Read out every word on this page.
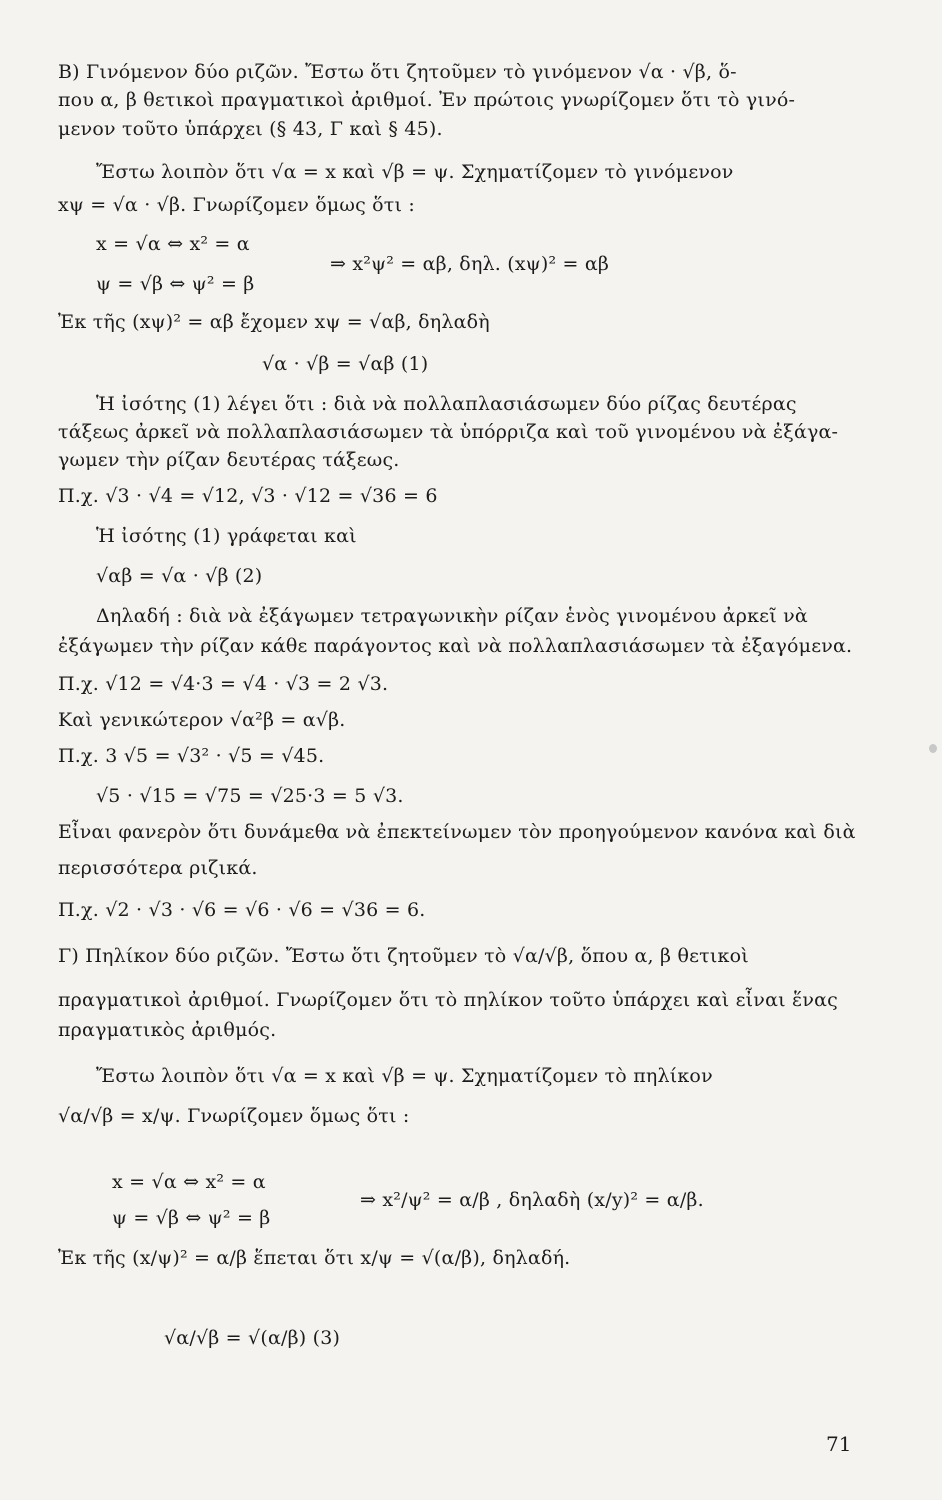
Β) Γινόμενον δύο ριζῶν. Ἔστω ὅτι ζητοῦμεν τὸ γινόμενον √α · √β, ὅ-
που α, β θετικοὶ πραγματικοὶ ἀριθμοί. Ἐν πρώτοις γνωρίζομεν ὅτι τὸ γινό-
μενον τοῦτο ὑπάρχει (§ 43, Γ καὶ § 45).
Ἔστω λοιπὸν ὅτι √α = x καὶ √β = ψ. Σχηματίζομεν τὸ γινόμενον
xψ = √α · √β. Γνωρίζομεν ὅμως ὅτι :
x = √α ⇔ x² = α
ψ = √β ⇔ ψ² = β
⇒ x²ψ² = αβ, δηλ. (xψ)² = αβ
Ἐκ τῆς (xψ)² = αβ ἔχομεν xψ = √αβ, δηλαδὴ
√α · √β = √αβ (1)
Ἡ ἰσότης (1) λέγει ὅτι : διὰ νὰ πολλαπλασιάσωμεν δύο ρίζας δευτέρας
τάξεως ἀρκεῖ νὰ πολλαπλασιάσωμεν τὰ ὑπόρριζα καὶ τοῦ γινομένου νὰ ἐξάγα-
γωμεν τὴν ρίζαν δευτέρας τάξεως.
Π.χ. √3 · √4 = √12, √3 · √12 = √36 = 6
Ἡ ἰσότης (1) γράφεται καὶ
√αβ = √α · √β (2)
Δηλαδή : διὰ νὰ ἐξάγωμεν τετραγωνικὴν ρίζαν ἑνὸς γινομένου ἀρκεῖ νὰ
ἐξάγωμεν τὴν ρίζαν κάθε παράγοντος καὶ νὰ πολλαπλασιάσωμεν τὰ ἐξαγόμενα.
Π.χ. √12 = √4·3 = √4 · √3 = 2 √3.
Καὶ γενικώτερον √α²β = α√β.
Π.χ. 3 √5 = √3² · √5 = √45.
√5 · √15 = √75 = √25·3 = 5 √3.
Εἶναι φανερὸν ὅτι δυνάμεθα νὰ ἐπεκτείνωμεν τὸν προηγούμενον κανόνα καὶ διὰ
περισσότερα ριζικά.
Π.χ. √2 · √3 · √6 = √6 · √6 = √36 = 6.
Γ) Πηλίκον δύο ριζῶν. Ἔστω ὅτι ζητοῦμεν τὸ √α/√β, ὅπου α, β θετικοὶ
πραγματικοὶ ἀριθμοί. Γνωρίζομεν ὅτι τὸ πηλίκον τοῦτο ὑπάρχει καὶ εἶναι ἕνας
πραγματικὸς ἀριθμός.
Ἔστω λοιπὸν ὅτι √α = x καὶ √β = ψ. Σχηματίζομεν τὸ πηλίκον
√α/√β = x/ψ. Γνωρίζομεν ὅμως ὅτι :
x = √α ⇔ x² = α
ψ = √β ⇔ ψ² = β
⇒ x²/ψ² = α/β , δηλαδὴ (x/y)² = α/β.
Ἐκ τῆς (x/ψ)² = α/β ἕπεται ὅτι x/ψ = √(α/β), δηλαδή.
√α/√β = √(α/β) (3)
71
